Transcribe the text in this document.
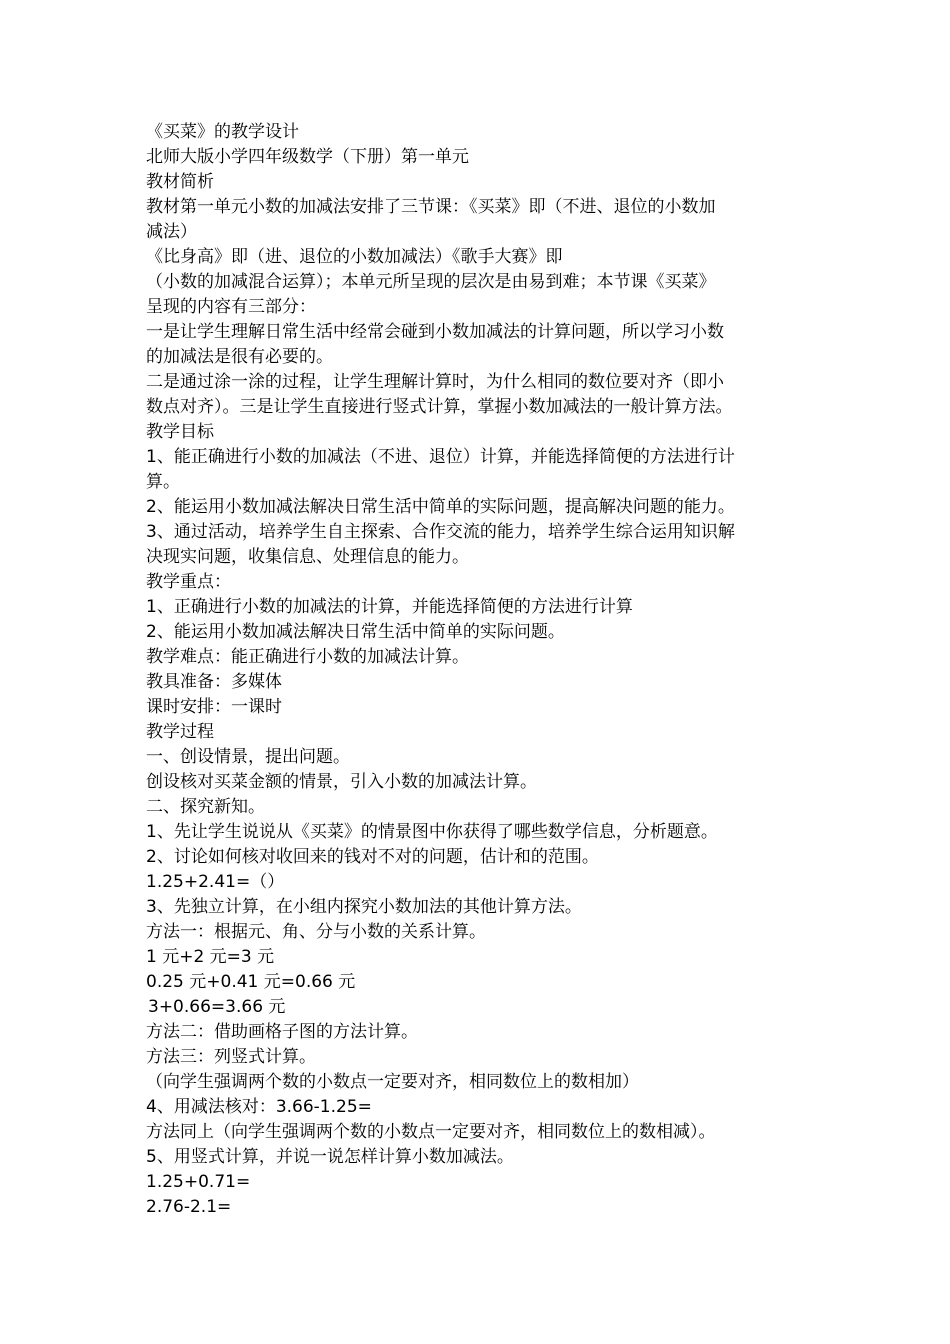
《买菜》的教学设计

北师大版小学四年级数学（下册）第一单元

教材简析

教材第一单元小数的加减法安排了三节课：《买菜》即（不进、退位的小数加

减法）

《比身高》即（进、退位的小数加减法）《歌手大赛》即

（小数的加减混合运算）；本单元所呈现的层次是由易到难；本节课《买菜》

呈现的内容有三部分：

一是让学生理解日常生活中经常会碰到小数加减法的计算问题，所以学习小数

的加减法是很有必要的。

二是通过涂一涂的过程，让学生理解计算时，为什么相同的数位要对齐（即小

数点对齐）。三是让学生直接进行竖式计算，掌握小数加减法的一般计算方法。

教学目标

1、能正确进行小数的加减法（不进、退位）计算，并能选择简便的方法进行计

算。

2、能运用小数加减法解决日常生活中简单的实际问题，提高解决问题的能力。

3、通过活动，培养学生自主探索、合作交流的能力，培养学生综合运用知识解

决现实问题，收集信息、处理信息的能力。

教学重点：

1、正确进行小数的加减法的计算，并能选择简便的方法进行计算

2、能运用小数加减法解决日常生活中简单的实际问题。

教学难点：能正确进行小数的加减法计算。

教具准备：多媒体

课时安排：一课时

教学过程

一、创设情景，提出问题。

创设核对买菜金额的情景，引入小数的加减法计算。

二、探究新知。

1、先让学生说说从《买菜》的情景图中你获得了哪些数学信息，分析题意。

2、讨论如何核对收回来的钱对不对的问题，估计和的范围。

1.25+2.41=（）

3、先独立计算，在小组内探究小数加法的其他计算方法。

方法一：根据元、角、分与小数的关系计算。

1 元+2 元=3 元

0.25 元+0.41 元=0.66 元

3+0.66=3.66 元

方法二：借助画格子图的方法计算。

方法三：列竖式计算。

（向学生强调两个数的小数点一定要对齐，相同数位上的数相加）

4、用减法核对：3.66-1.25=

方法同上（向学生强调两个数的小数点一定要对齐，相同数位上的数相减）。

5、用竖式计算，并说一说怎样计算小数加减法。

1.25+0.71=

2.76-2.1=
